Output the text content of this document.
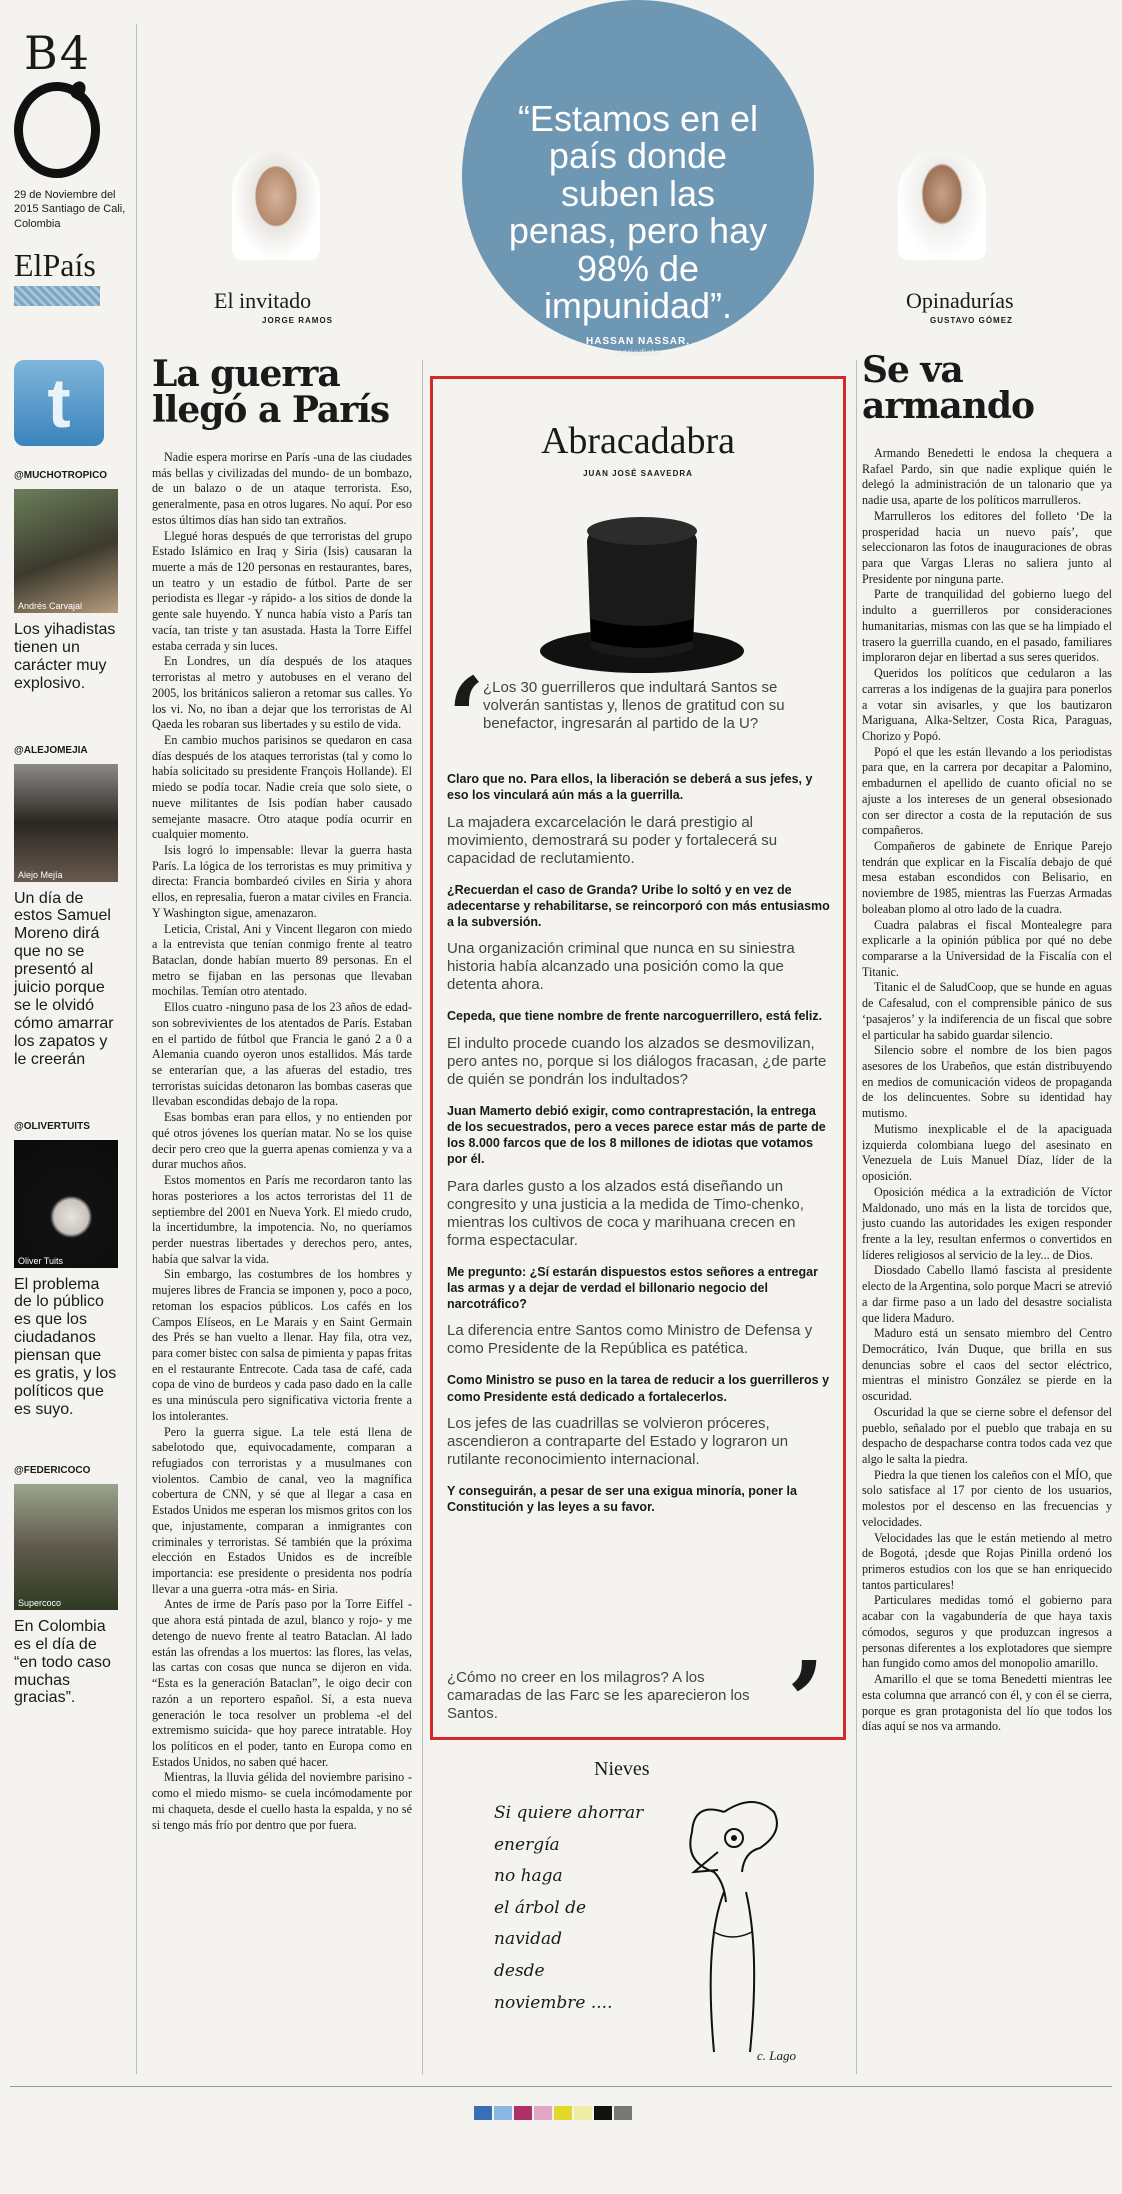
B4
29 de Noviembre del 2015 Santiago de Cali, Colombia
ElPaís
t
@MUCHOTROPICO
Andrés Carvajal
Los yihadistas tienen un carácter muy explosivo.
@ALEJOMEJIA
Alejo Mejía
Un día de estos Samuel Moreno dirá que no se presentó al juicio porque se le olvidó cómo amarrar los zapatos y le creerán
@OLIVERTUITS
Oliver Tuits
El problema de lo público es que los ciudadanos piensan que es gratis, y los políticos que es suyo.
@FEDERICOCO
Supercoco
En Colombia es el día de “en todo caso muchas gracias”.
El invitado
JORGE RAMOS
La guerra
llegó a París

Nadie espera morirse en París -una de las ciudades más bellas y civilizadas del mundo- de un bombazo, de un balazo o de un ataque terrorista. Eso, generalmente, pasa en otros lugares. No aquí. Por eso estos últimos días han sido tan extraños.

Llegué horas después de que terroristas del grupo Estado Islámico en Iraq y Siria (Isis) causaran la muerte a más de 120 personas en restaurantes, bares, un teatro y un estadio de fútbol. Parte de ser periodista es llegar -y rápido- a los sitios de donde la gente sale huyendo. Y nunca había visto a París tan vacía, tan triste y tan asustada. Hasta la Torre Eiffel estaba cerrada y sin luces.

En Londres, un día después de los ataques terroristas al metro y autobuses en el verano del 2005, los británicos salieron a retomar sus calles. Yo los vi. No, no iban a dejar que los terroristas de Al Qaeda les robaran sus libertades y su estilo de vida.

En cambio muchos parisinos se quedaron en casa días después de los ataques terroristas (tal y como lo había solicitado su presidente François Hollande). El miedo se podía tocar. Nadie creía que solo siete, o nueve militantes de Isis podían haber causado semejante masacre. Otro ataque podía ocurrir en cualquier momento.

Isis logró lo impensable: llevar la guerra hasta París. La lógica de los terroristas es muy primitiva y directa: Francia bombardeó civiles en Siria y ahora ellos, en represalia, fueron a matar civiles en Francia. Y Washington sigue, amenazaron.

Leticia, Cristal, Ani y Vincent llegaron con miedo a la entrevista que tenían conmigo frente al teatro Bataclan, donde habían muerto 89 personas. En el metro se fijaban en las personas que llevaban mochilas. Temían otro atentado.

Ellos cuatro -ninguno pasa de los 23 años de edad- son sobrevivientes de los atentados de París. Estaban en el partido de fútbol que Francia le ganó 2 a 0 a Alemania cuando oyeron unos estallidos. Más tarde se enterarían que, a las afueras del estadio, tres terroristas suicidas detonaron las bombas caseras que llevaban escondidas debajo de la ropa.

Esas bombas eran para ellos, y no entienden por qué otros jóvenes los querían matar. No se los quise decir pero creo que la guerra apenas comienza y va a durar muchos años.

Estos momentos en París me recordaron tanto las horas posteriores a los actos terroristas del 11 de septiembre del 2001 en Nueva York. El miedo crudo, la incertidumbre, la impotencia. No, no queríamos perder nuestras libertades y derechos pero, antes, había que salvar la vida.

Sin embargo, las costumbres de los hombres y mujeres libres de Francia se imponen y, poco a poco, retoman los espacios públicos. Los cafés en los Campos Elíseos, en Le Marais y en Saint Germain des Prés se han vuelto a llenar. Hay fila, otra vez, para comer bistec con salsa de pimienta y papas fritas en el restaurante Entrecote. Cada tasa de café, cada copa de vino de burdeos y cada paso dado en la calle es una minúscula pero significativa victoria frente a los intolerantes.

Pero la guerra sigue. La tele está llena de sabelotodo que, equivocadamente, comparan a refugiados con terroristas y a musulmanes con violentos. Cambio de canal, veo la magnífica cobertura de CNN, y sé que al llegar a casa en Estados Unidos me esperan los mismos gritos con los que, injustamente, comparan a inmigrantes con criminales y terroristas. Sé también que la próxima elección en Estados Unidos es de increíble importancia: ese presidente o presidenta nos podría llevar a una guerra -otra más- en Siria.

Antes de irme de París paso por la Torre Eiffel -que ahora está pintada de azul, blanco y rojo- y me detengo de nuevo frente al teatro Bataclan. Al lado están las ofrendas a los muertos: las flores, las velas, las cartas con cosas que nunca se dijeron en vida. “Esta es la generación Bataclan”, le oigo decir con razón a un reportero español. Sí, a esta nueva generación le toca resolver un problema -el del extremismo suicida- que hoy parece intratable. Hoy los políticos en el poder, tanto en Europa como en Estados Unidos, no saben qué hacer.

Mientras, la lluvia gélida del noviembre parisino -como el miedo mismo- se cuela incómodamente por mi chaqueta, desde el cuello hasta la espalda, y no sé si tengo más frío por dentro que por fuera.

“Estamos en el país donde suben las penas, pero hay 98% de impunidad”.
HASSAN NASSAR,
periodista
Abracadabra
JUAN JOSÉ SAAVEDRA
‘
¿Los 30 guerrilleros que indultará Santos se volverán santistas y, llenos de gratitud con su benefactor, ingresarán al partido de la U?
Claro que no. Para ellos, la liberación se deberá a sus jefes, y eso los vinculará aún más a la guerrilla.
La majadera excarcelación le dará prestigio al movimiento, demostrará su poder y fortalecerá su capacidad de reclutamiento.
¿Recuerdan el caso de Granda? Uribe lo soltó y en vez de adecentarse y rehabilitarse, se reincorporó con más entusiasmo a la subversión.
Una organización criminal que nunca en su siniestra historia había alcanzado una posición como la que detenta ahora.
Cepeda, que tiene nombre de frente narcoguerrillero, está feliz.
El indulto procede cuando los alzados se desmovilizan, pero antes no, porque si los diálogos fracasan, ¿de parte de quién se pondrán los indultados?
Juan Mamerto debió exigir, como contraprestación, la entrega de los secuestrados, pero a veces parece estar más de parte de los 8.000 farcos que de los 8 millones de idiotas que votamos por él.
Para darles gusto a los alzados está diseñando un congresito y una justicia a la medida de Timo-chenko, mientras los cultivos de coca y marihuana crecen en forma espectacular.
Me pregunto: ¿Sí estarán dispuestos estos señores a entregar las armas y a dejar de verdad el billonario negocio del narcotráfico?
La diferencia entre Santos como Ministro de Defensa y como Presidente de la República es patética.
Como Ministro se puso en la tarea de reducir a los guerrilleros y como Presidente está dedicado a fortalecerlos.
Los jefes de las cuadrillas se volvieron próceres, ascendieron a contraparte del Estado y lograron un rutilante reconocimiento internacional.
Y conseguirán, a pesar de ser una exigua minoría, poner la Constitución y las leyes a su favor.
¿Cómo no creer en los milagros? A los camaradas de las Farc se les aparecieron los Santos.	’
Nieves
Si quiere ahorrar
energía
no haga
el árbol de
navidad
desde
noviembre ....
c. Lago
Opinadurías
GUSTAVO GÓMEZ
Se va
armando

Armando Benedetti le endosa la chequera a Rafael Pardo, sin que nadie explique quién le delegó la administración de un talonario que ya nadie usa, aparte de los políticos marrulleros.

Marrulleros los editores del folleto ‘De la prosperidad hacia un nuevo país’, que seleccionaron las fotos de inauguraciones de obras para que Vargas Lleras no saliera junto al Presidente por ninguna parte.

Parte de tranquilidad del gobierno luego del indulto a guerrilleros por consideraciones humanitarias, mismas con las que se ha limpiado el trasero la guerrilla cuando, en el pasado, familiares imploraron dejar en libertad a sus seres queridos.

Queridos los políticos que cedularon a las carreras a los indígenas de la guajira para ponerlos a votar sin avisarles, y que los bautizaron Mariguana, Alka-Seltzer, Costa Rica, Paraguas, Chorizo y Popó.

Popó el que les están llevando a los periodistas para que, en la carrera por decapitar a Palomino, embadurnen el apellido de cuanto oficial no se ajuste a los intereses de un general obsesionado con ser director a costa de la reputación de sus compañeros.

Compañeros de gabinete de Enrique Parejo tendrán que explicar en la Fiscalía debajo de qué mesa estaban escondidos con Belisario, en noviembre de 1985, mientras las Fuerzas Armadas boleaban plomo al otro lado de la cuadra.

Cuadra palabras el fiscal Montealegre para explicarle a la opinión pública por qué no debe compararse a la Universidad de la Fiscalía con el Titanic.

Titanic el de SaludCoop, que se hunde en aguas de Cafesalud, con el comprensible pánico de sus ‘pasajeros’ y la indiferencia de un fiscal que sobre el particular ha sabido guardar silencio.

Silencio sobre el nombre de los bien pagos asesores de los Urabeños, que están distribuyendo en medios de comunicación videos de propaganda de los delincuentes. Sobre su identidad hay mutismo.

Mutismo inexplicable el de la apaciguada izquierda colombiana luego del asesinato en Venezuela de Luis Manuel Díaz, líder de la oposición.

Oposición médica a la extradición de Víctor Maldonado, uno más en la lista de torcidos que, justo cuando las autoridades les exigen responder frente a la ley, resultan enfermos o convertidos en líderes religiosos al servicio de la ley... de Dios.

Diosdado Cabello llamó fascista al presidente electo de la Argentina, solo porque Macri se atrevió a dar firme paso a un lado del desastre socialista que lidera Maduro.

Maduro está un sensato miembro del Centro Democrático, Iván Duque, que brilla en sus denuncias sobre el caos del sector eléctrico, mientras el ministro González se pierde en la oscuridad.

Oscuridad la que se cierne sobre el defensor del pueblo, señalado por el pueblo que trabaja en su despacho de despacharse contra todos cada vez que algo le salta la piedra.

Piedra la que tienen los caleños con el MÍO, que solo satisface al 17 por ciento de los usuarios, molestos por el descenso en las frecuencias y velocidades.

Velocidades las que le están metiendo al metro de Bogotá, ¡desde que Rojas Pinilla ordenó los primeros estudios con los que se han enriquecido tantos particulares!

Particulares medidas tomó el gobierno para acabar con la vagabundería de que haya taxis cómodos, seguros y que produzcan ingresos a personas diferentes a los explotadores que siempre han fungido como amos del monopolio amarillo.

Amarillo el que se toma Benedetti mientras lee esta columna que arrancó con él, y con él se cierra, porque es gran protagonista del lío que todos los días aquí se nos va armando.
